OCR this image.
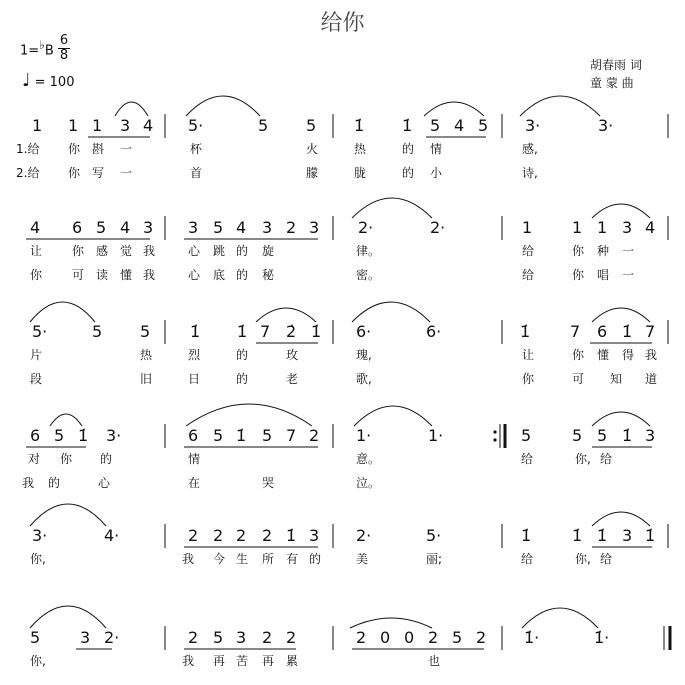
给你
1=♭B
6
8
♩ = 100
胡春雨 词
童 蒙 曲
1 1 1 3 4 5·	5 5 1̇ 1̇ 5 4 5 3·	3·
1.给 你 斟 一	杯	火	热	的 情	感,
2.给 你 写 一	首	朦	胧	的 小	诗,
4 6 5 4 3 3 5 4 3 2 3 2·	2·	1 1 1 3 4
让 你 感 觉 我	心 跳 的 旋	律。	给	你 种 一
你 可 读 懂 我	心 底 的 秘	密。	给	你 唱 一
5·	5 5 1̇ 1̇ 7 2̇ 1̇ 6·	6·	1̇ 7 6 1̇ 7
片	热	烈	的	玫	瑰,	让	你 懂 得 我
段	旧	日	的	老	歌,	你	可 知 道
6 5 1̇ 3·	6 5 1̇ 5 7 2 1·	1·	5	5 5 1̇ 3
对 你 的	情	意。	给	你, 给
我 的	心	在	哭	泣。
3·	4·	2 2 2 2 1̇ 3 2·	5·	1̇	1̇ 1̇ 3 1̇
你,	我 今 生 所 有 的	美	丽;	给	你, 给
5 3 2·	2 5 3 2 2	2 0 0 2 5 2 1̇·	1̇·
你,	我 再 苦 再 累	也
